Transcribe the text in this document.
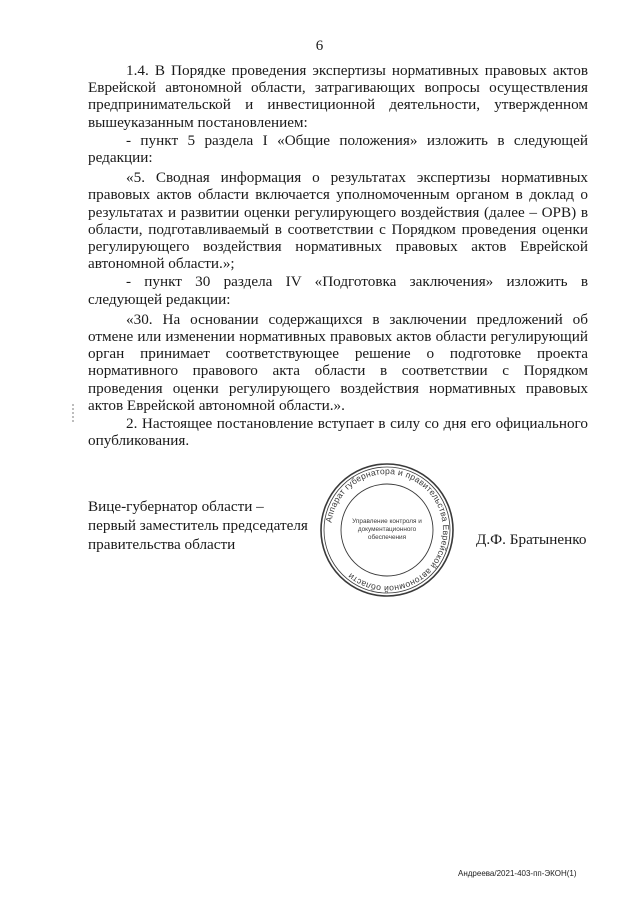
6

1.4. В Порядке проведения экспертизы нормативных правовых актов Еврейской автономной области, затрагивающих вопросы осуществления предпринимательской и инвестиционной деятельности, утвержденном вышеуказанным постановлением:

- пункт 5 раздела I «Общие положения» изложить в следующей редакции:

«5. Сводная информация о результатах экспертизы нормативных правовых актов области включается уполномоченным органом в доклад о результатах и развитии оценки регулирующего воздействия (далее – ОРВ) в области, подготавливаемый в соответствии с Порядком проведения оценки регулирующего воздействия нормативных правовых актов Еврейской автономной области.»;

- пункт 30 раздела IV «Подготовка заключения» изложить в следующей редакции:

«30. На основании содержащихся в заключении предложений об отмене или изменении нормативных правовых актов области регулирующий орган принимает соответствующее решение о подготовке проекта нормативного правового акта области в соответствии с Порядком проведения оценки регулирующего воздействия нормативных правовых актов Еврейской автономной области.».

2. Настоящее постановление вступает в силу со дня его официального опубликования.

Вице-губернатор области –
первый заместитель председателя
правительства области
Аппарат губернатора и правительства Еврейской автономной области
Управление контроля и
документационного
обеспечения	Д.Ф. Братыненко
Андреева/2021-403-пп-ЭКОН(1)
